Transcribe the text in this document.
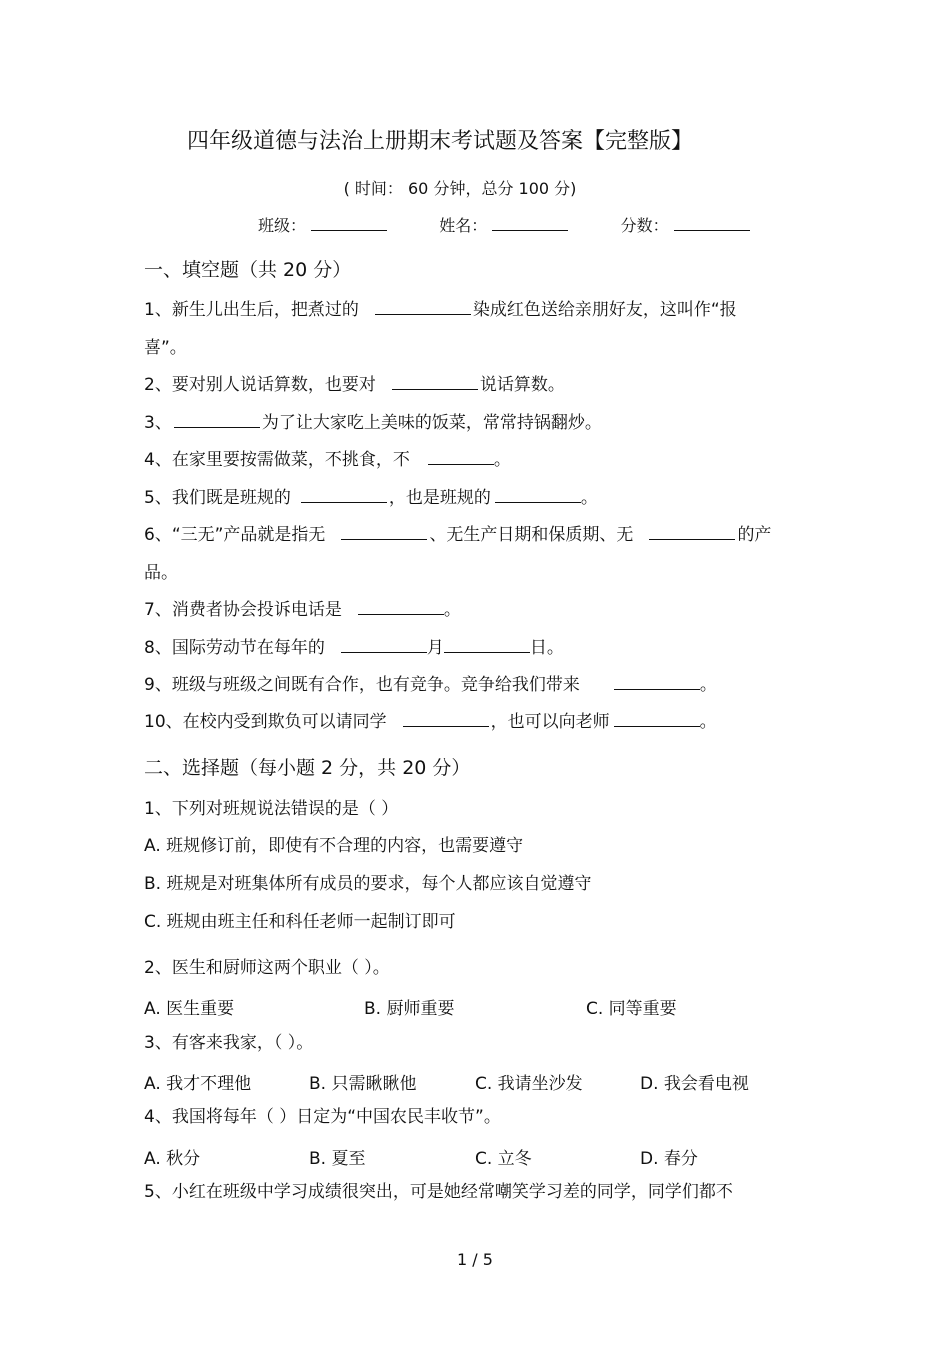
四年级道德与法治上册期末考试题及答案【完整版】
( 时间： 60 分钟，总分 100 分)
班级：	姓名：	分数：
一、填空题（共 20 分）
1、新生儿出生后，把煮过的	染成红色送给亲朋好友，这叫作“报
喜”。
2、要对别人说话算数，也要对	说话算数。
3、	为了让大家吃上美味的饭菜，常常持锅翻炒。
4、在家里要按需做菜，不挑食，不	。
5、我们既是班规的	，也是班规的	。
6、“三无”产品就是指无	、无生产日期和保质期、无	的产
品。
7、消费者协会投诉电话是	。
8、国际劳动节在每年的	月	日。
9、班级与班级之间既有合作，也有竞争。竞争给我们带来	。
10、在校内受到欺负可以请同学	，也可以向老师	。
二、选择题（每小题 2 分，共 20 分）
1、下列对班规说法错误的是（ ）
A. 班规修订前，即使有不合理的内容，也需要遵守
B. 班规是对班集体所有成员的要求，每个人都应该自觉遵守
C. 班规由班主任和科任老师一起制订即可
2、医生和厨师这两个职业（ ）。
A. 医生重要	B. 厨师重要	C. 同等重要
3、有客来我家，（ ）。
A. 我才不理他	B. 只需瞅瞅他	C. 我请坐沙发	D. 我会看电视
4、我国将每年（ ）日定为“中国农民丰收节”。
A. 秋分	B. 夏至	C. 立冬	D. 春分
5、小红在班级中学习成绩很突出，可是她经常嘲笑学习差的同学，同学们都不
1 / 5
